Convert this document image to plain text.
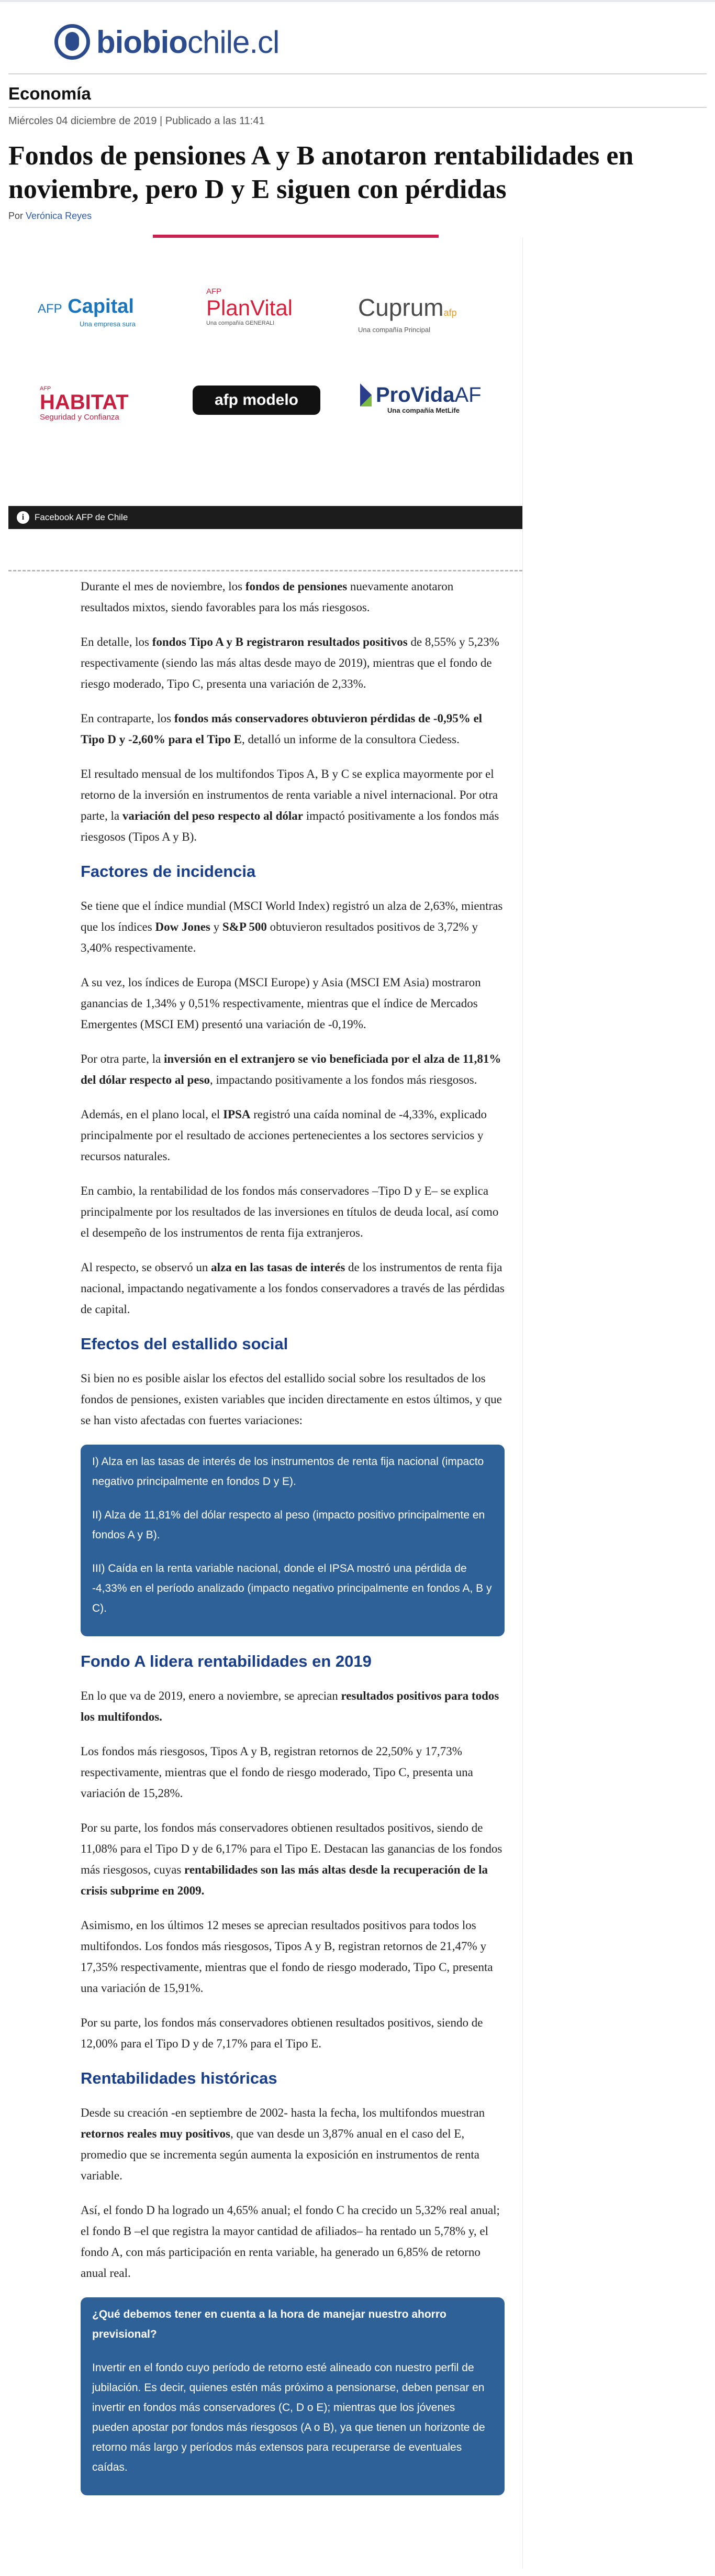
biobiochile.cl
Economía
Miércoles 04 diciembre de 2019 | Publicado a las 11:41
Fondos de pensiones A y B anotaron rentabilidades en noviembre, pero D y E siguen con pérdidas
Por Verónica Reyes
AFP Capital
Una empresa sura
AFP
PlanVital
Una compañía GENERALI
Cuprumafp
Una compañía Principal
AFP
HABITAT
Seguridad y Confianza
afp modelo	ProVidaAF
Una compañía MetLife
i	Facebook AFP de Chile

Durante el mes de noviembre, los fondos de pensiones nuevamente anotaron resultados mixtos, siendo favorables para los más riesgosos.

En detalle, los fondos Tipo A y B registraron resultados positivos de 8,55% y 5,23% respectivamente (siendo las más altas desde mayo de 2019), mientras que el fondo de riesgo moderado, Tipo C, presenta una variación de 2,33%.

En contraparte, los fondos más conservadores obtuvieron pérdidas de -0,95% el Tipo D y -2,60% para el Tipo E, detalló un informe de la consultora Ciedess.

El resultado mensual de los multifondos Tipos A, B y C se explica mayormente por el retorno de la inversión en instrumentos de renta variable a nivel internacional. Por otra parte, la variación del peso respecto al dólar impactó positivamente a los fondos más riesgosos (Tipos A y B).

Factores de incidencia

Se tiene que el índice mundial (MSCI World Index) registró un alza de 2,63%, mientras que los índices Dow Jones y S&P 500 obtuvieron resultados positivos de 3,72% y 3,40% respectivamente.

A su vez, los índices de Europa (MSCI Europe) y Asia (MSCI EM Asia) mostraron ganancias de 1,34% y 0,51% respectivamente, mientras que el índice de Mercados Emergentes (MSCI EM) presentó una variación de -0,19%.

Por otra parte, la inversión en el extranjero se vio beneficiada por el alza de 11,81% del dólar respecto al peso, impactando positivamente a los fondos más riesgosos.

Además, en el plano local, el IPSA registró una caída nominal de -4,33%, explicado principalmente por el resultado de acciones pertenecientes a los sectores servicios y recursos naturales.

En cambio, la rentabilidad de los fondos más conservadores –Tipo D y E– se explica principalmente por los resultados de las inversiones en títulos de deuda local, así como el desempeño de los instrumentos de renta fija extranjeros.

Al respecto, se observó un alza en las tasas de interés de los instrumentos de renta fija nacional, impactando negativamente a los fondos conservadores a través de las pérdidas de capital.

Efectos del estallido social

Si bien no es posible aislar los efectos del estallido social sobre los resultados de los fondos de pensiones, existen variables que inciden directamente en estos últimos, y que se han visto afectadas con fuertes variaciones:

I) Alza en las tasas de interés de los instrumentos de renta fija nacional (impacto negativo principalmente en fondos D y E).

II) Alza de 11,81% del dólar respecto al peso (impacto positivo principalmente en fondos A y B).

III) Caída en la renta variable nacional, donde el IPSA mostró una pérdida de -4,33% en el período analizado (impacto negativo principalmente en fondos A, B y C).

Fondo A lidera rentabilidades en 2019

En lo que va de 2019, enero a noviembre, se aprecian resultados positivos para todos los multifondos.

Los fondos más riesgosos, Tipos A y B, registran retornos de 22,50% y 17,73% respectivamente, mientras que el fondo de riesgo moderado, Tipo C, presenta una variación de 15,28%.

Por su parte, los fondos más conservadores obtienen resultados positivos, siendo de 11,08% para el Tipo D y de 6,17% para el Tipo E. Destacan las ganancias de los fondos más riesgosos, cuyas rentabilidades son las más altas desde la recuperación de la crisis subprime en 2009.

Asimismo, en los últimos 12 meses se aprecian resultados positivos para todos los multifondos. Los fondos más riesgosos, Tipos A y B, registran retornos de 21,47% y 17,35% respectivamente, mientras que el fondo de riesgo moderado, Tipo C, presenta una variación de 15,91%.

Por su parte, los fondos más conservadores obtienen resultados positivos, siendo de 12,00% para el Tipo D y de 7,17% para el Tipo E.

Rentabilidades históricas

Desde su creación -en septiembre de 2002- hasta la fecha, los multifondos muestran retornos reales muy positivos, que van desde un 3,87% anual en el caso del E, promedio que se incrementa según aumenta la exposición en instrumentos de renta variable.

Así, el fondo D ha logrado un 4,65% anual; el fondo C ha crecido un 5,32% real anual; el fondo B –el que registra la mayor cantidad de afiliados– ha rentado un 5,78% y, el fondo A, con más participación en renta variable, ha generado un 6,85% de retorno anual real.

¿Qué debemos tener en cuenta a la hora de manejar nuestro ahorro previsional?

Invertir en el fondo cuyo período de retorno esté alineado con nuestro perfil de jubilación. Es decir, quienes estén más próximo a pensionarse, deben pensar en invertir en fondos más conservadores (C, D o E); mientras que los jóvenes pueden apostar por fondos más riesgosos (A o B), ya que tienen un horizonte de retorno más largo y períodos más extensos para recuperarse de eventuales caídas.
